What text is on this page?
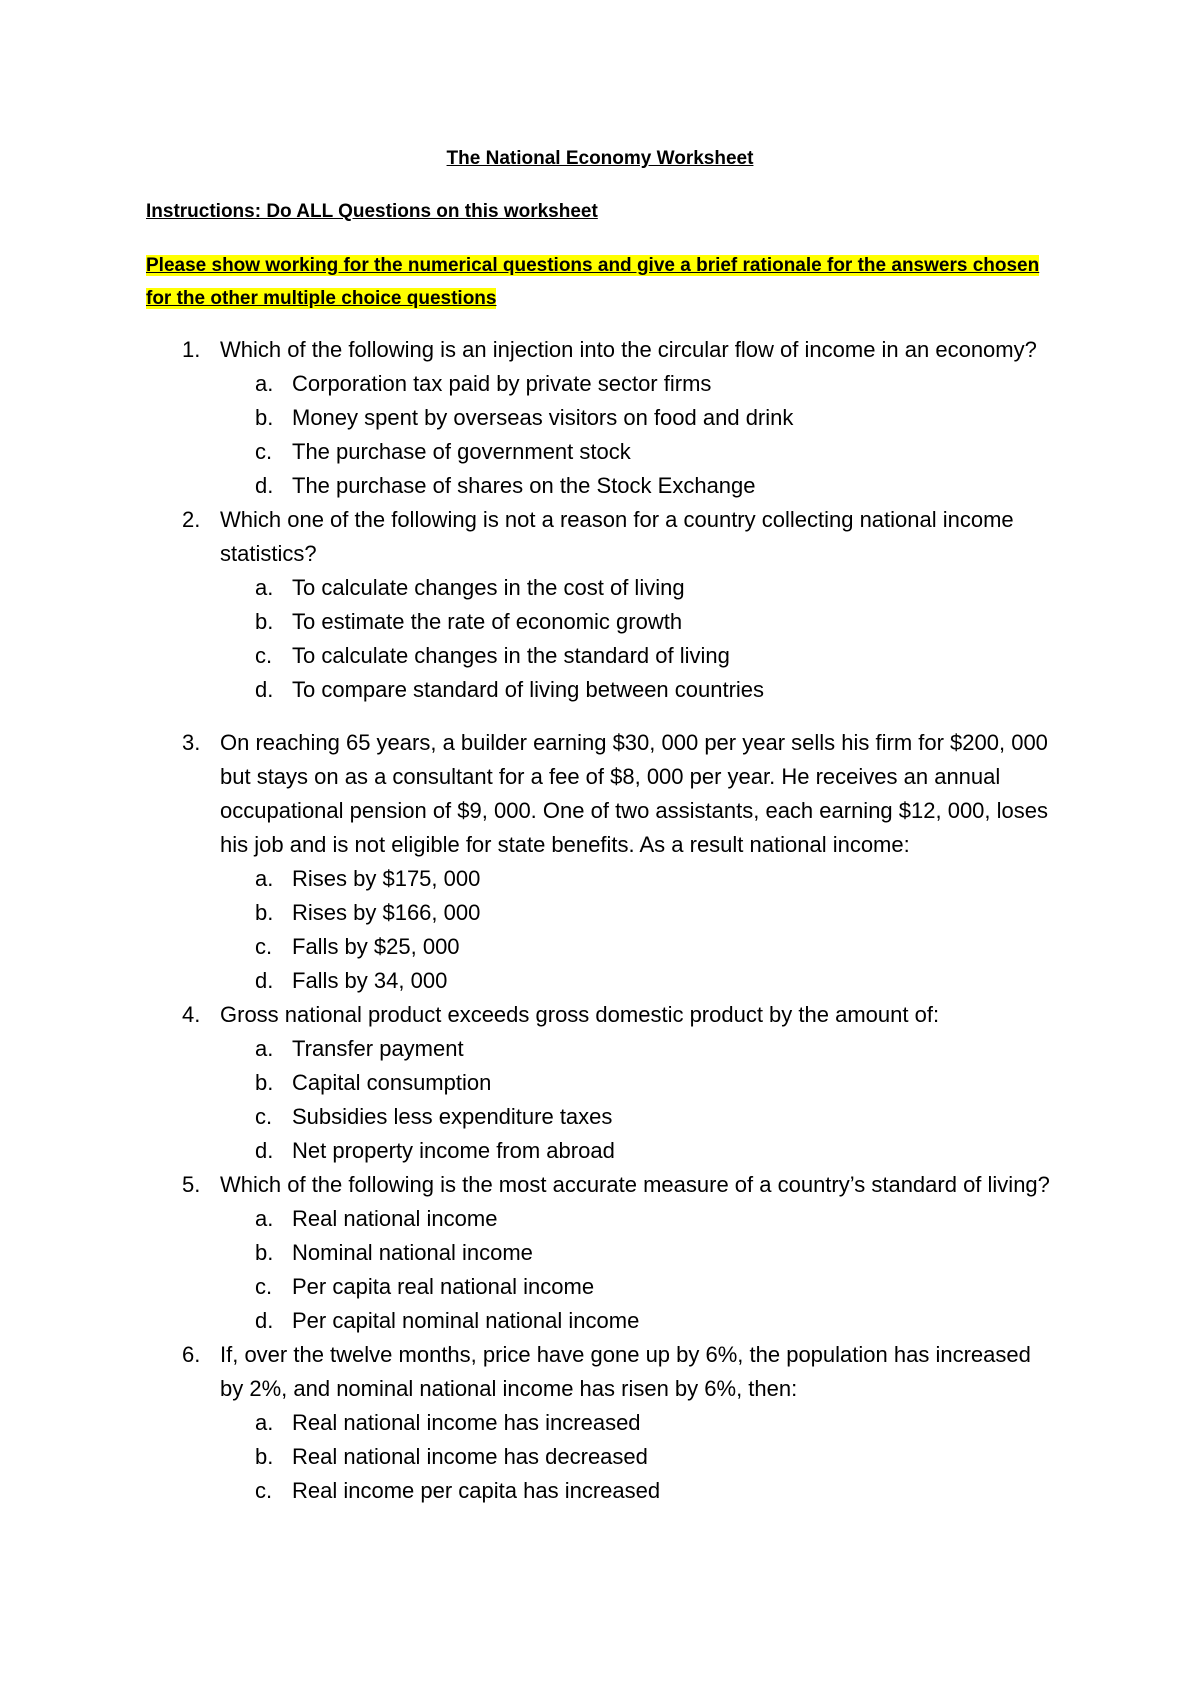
The National Economy Worksheet
Instructions: Do ALL Questions on this worksheet
Please show working for the numerical questions and give a brief rationale for the answers chosen
for the other multiple choice questions
1. Which of the following is an injection into the circular flow of income in an economy?
a. Corporation tax paid by private sector firms
b. Money spent by overseas visitors on food and drink
c. The purchase of government stock
d. The purchase of shares on the Stock Exchange
2. Which one of the following is not a reason for a country collecting national income statistics?
a. To calculate changes in the cost of living
b. To estimate the rate of economic growth
c. To calculate changes in the standard of living
d. To compare standard of living between countries
3. On reaching 65 years, a builder earning $30, 000 per year sells his firm for $200, 000 but stays on as a consultant for a fee of $8, 000 per year. He receives an annual occupational pension of $9, 000. One of two assistants, each earning $12, 000, loses his job and is not eligible for state benefits. As a result national income:
a. Rises by $175, 000
b. Rises by $166, 000
c. Falls by $25, 000
d. Falls by 34, 000
4. Gross national product exceeds gross domestic product by the amount of:
a. Transfer payment
b. Capital consumption
c. Subsidies less expenditure taxes
d. Net property income from abroad
5. Which of the following is the most accurate measure of a country’s standard of living?
a. Real national income
b. Nominal national income
c. Per capita real national income
d. Per capital nominal national income
6. If, over the twelve months, price have gone up by 6%, the population has increased by 2%, and nominal national income has risen by 6%, then:
a. Real national income has increased
b. Real national income has decreased
c. Real income per capita has increased
